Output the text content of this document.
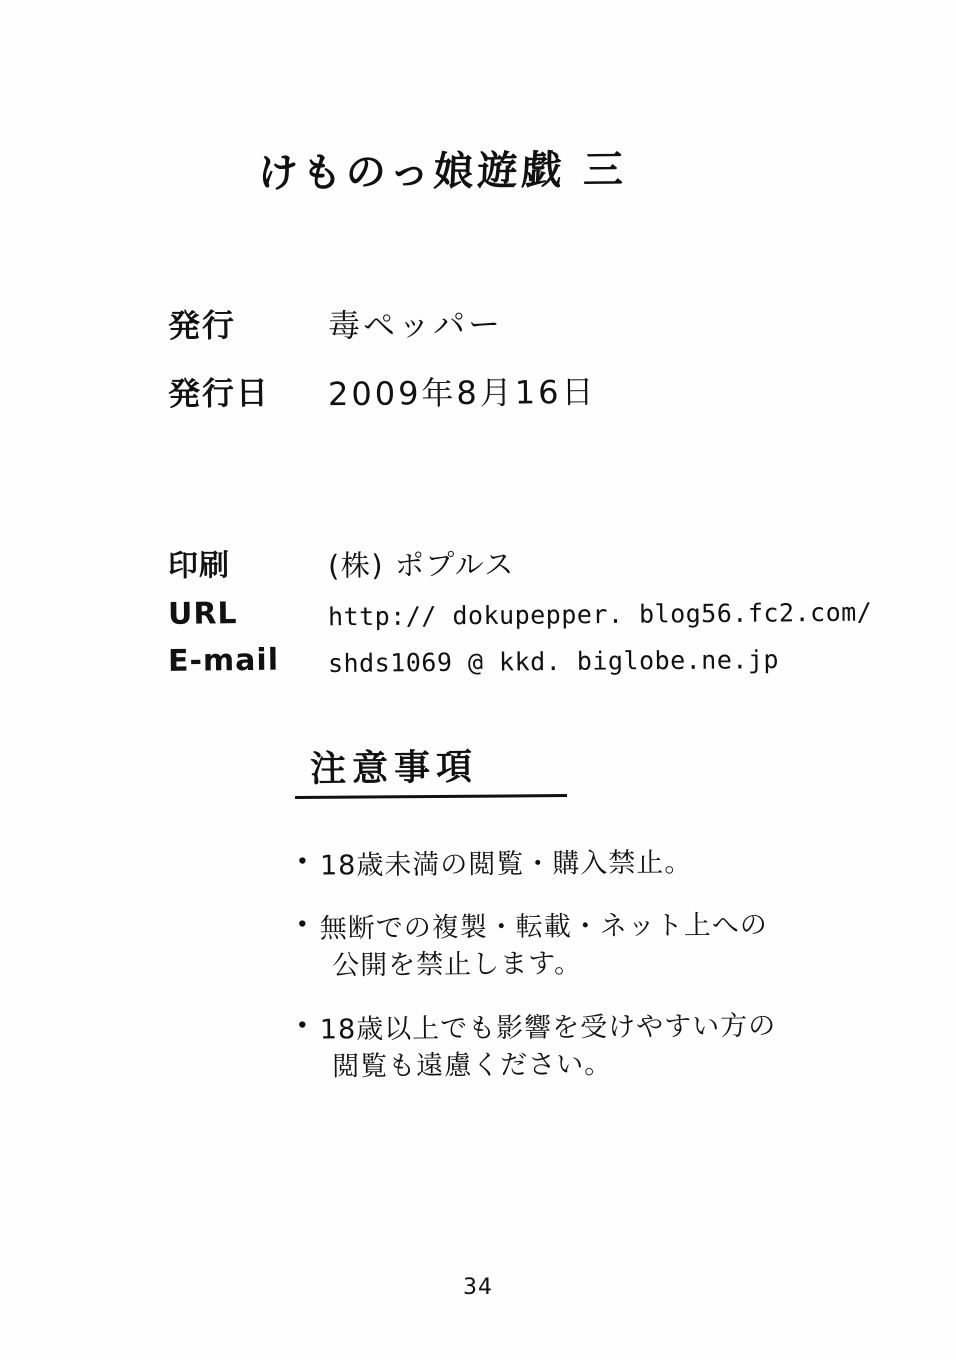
けものっ娘遊戯 三
発行	毒ペッパー
発行日	2009年8月16日
印刷	(株) ポプルス
URL	http:// dokupepper. blog56.fc2.com/
E-mail	shds1069 @ kkd. biglobe.ne.jp
注意事項
• 18歳未満の閲覧・購入禁止。
• 無断での複製・転載・ネット上への
公開を禁止します。
• 18歳以上でも影響を受けやすい方の
閲覧も遠慮ください。
34
